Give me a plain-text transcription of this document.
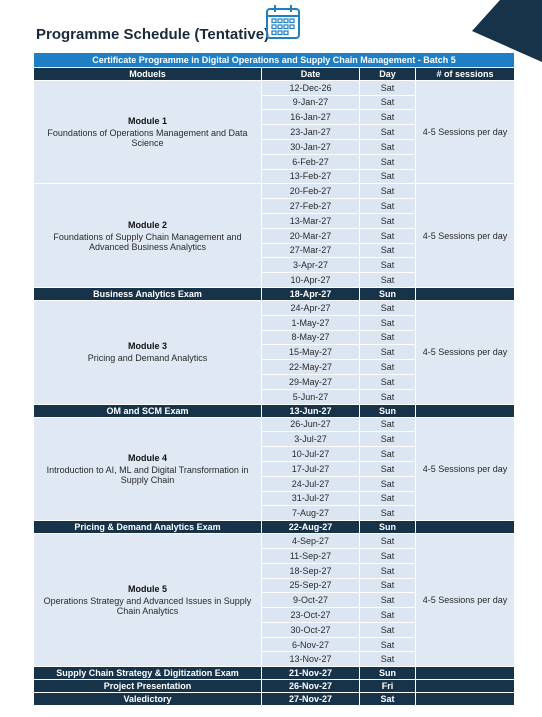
Programme Schedule (Tentative)
Certificate Programme in Digital Operations and Supply Chain Management - Batch 5			
Moduels	Date	Day	# of sessions

Module 1
Foundations of Operations Management and Data Science	12-Dec-26	Sat	4-5 Sessions per day
	9-Jan-27	Sat	
	16-Jan-27	Sat	
	23-Jan-27	Sat	
	30-Jan-27	Sat	
	6-Feb-27	Sat	
	13-Feb-27	Sat	

Module 2
Foundations of Supply Chain Management and Advanced Business Analytics	20-Feb-27	Sat	4-5 Sessions per day
	27-Feb-27	Sat	
	13-Mar-27	Sat	
	20-Mar-27	Sat	
	27-Mar-27	Sat	
	3-Apr-27	Sat	
	10-Apr-27	Sat	
Business Analytics Exam	18-Apr-27	Sun	

Module 3
Pricing and Demand Analytics	24-Apr-27	Sat	4-5 Sessions per day
	1-May-27	Sat	
	8-May-27	Sat	
	15-May-27	Sat	
	22-May-27	Sat	
	29-May-27	Sat	
	5-Jun-27	Sat	
OM and SCM Exam	13-Jun-27	Sun	

Module 4
Introduction to AI, ML and Digital Transformation in Supply Chain	26-Jun-27	Sat	4-5 Sessions per day
	3-Jul-27	Sat	
	10-Jul-27	Sat	
	17-Jul-27	Sat	
	24-Jul-27	Sat	
	31-Jul-27	Sat	
	7-Aug-27	Sat	
Pricing & Demand Analytics Exam	22-Aug-27	Sun	

Module 5
Operations Strategy and Advanced Issues in Supply Chain Analytics	4-Sep-27	Sat	4-5 Sessions per day
	11-Sep-27	Sat	
	18-Sep-27	Sat	
	25-Sep-27	Sat	
	9-Oct-27	Sat	
	23-Oct-27	Sat	
	30-Oct-27	Sat	
	6-Nov-27	Sat	
	13-Nov-27	Sat	
Supply Chain Strategy & Digitization Exam	21-Nov-27	Sun	
Project Presentation	26-Nov-27	Fri	
Valedictory	27-Nov-27	Sat	
